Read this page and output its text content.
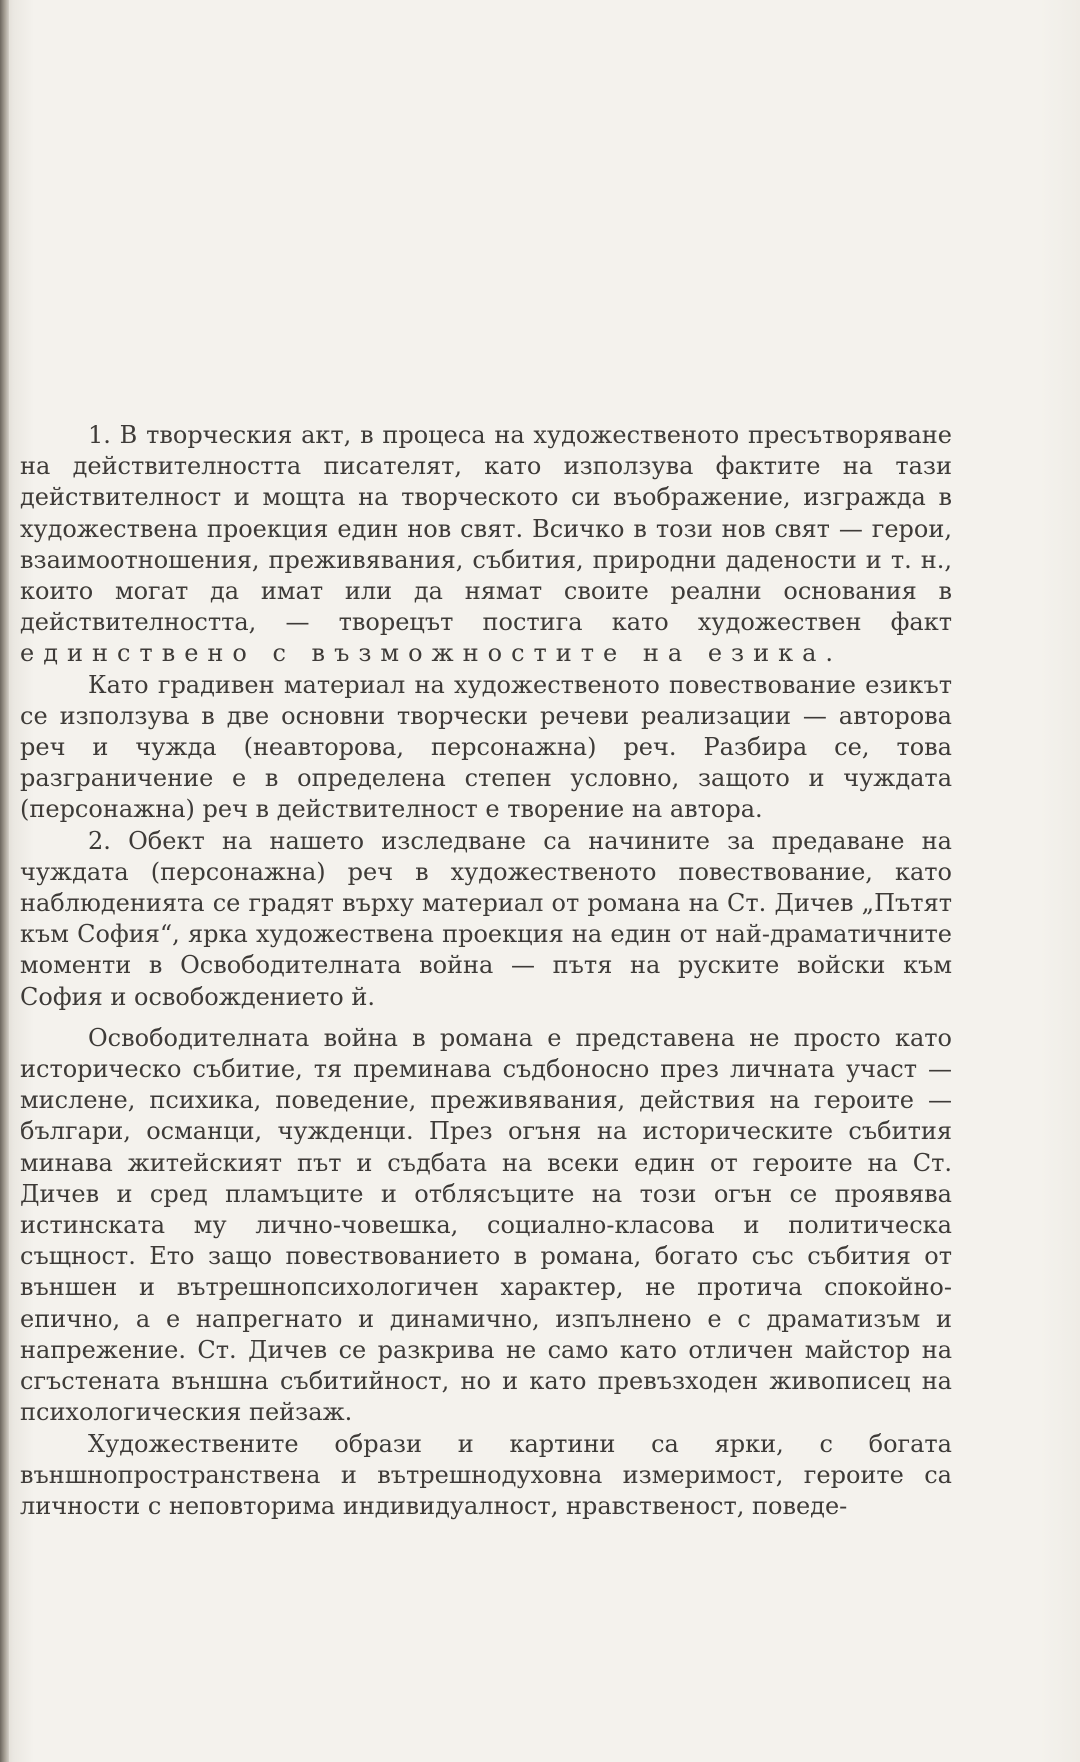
1. В творческия акт, в процеса на художественото пресътворяване на действителността писателят, като използува фактите на тази действителност и мощта на творческото си въображение, изгражда в художествена проекция един нов свят. Всичко в този нов свят — герои, взаимоотношения, преживявания, събития, природни дадености и т. н., които могат да имат или да нямат своите реални основания в действителността, — творецът постига като художествен факт единствено с възможностите на езика.

Като градивен материал на художественото повествование езикът се използува в две основни творчески речеви реализации — авторова реч и чужда (неавторова, персонажна) реч. Разбира се, това разграничение е в определена степен условно, защото и чуждата (персонажна) реч в действителност е творение на автора.

2. Обект на нашето изследване са начините за предаване на чуждата (персонажна) реч в художественото повествование, като наблюденията се градят върху материал от романа на Ст. Дичев „Пътят към София“, ярка художествена проекция на един от най-драматичните моменти в Освободителната война — пътя на руските войски към София и освобождението й.

Освободителната война в романа е представена не просто като историческо събитие, тя преминава съдбоносно през личната участ — мислене, психика, поведение, преживявания, действия на героите — българи, османци, чужденци. През огъня на историческите събития минава житейският път и съдбата на всеки един от героите на Ст. Дичев и сред пламъците и отблясъците на този огън се проявява истинската му лично-човешка, социално-класова и политическа същност. Ето защо повествованието в романа, богато със събития от външен и вътрешнопсихологичен характер, не протича спокойно-епично, а е напрегнато и динамично, изпълнено е с драматизъм и напрежение. Ст. Дичев се разкрива не само като отличен майстор на сгъстената външна събитийност, но и като превъзходен живописец на психологическия пейзаж.

Художествените образи и картини са ярки, с богата външнопространствена и вътрешнодуховна измеримост, героите са личности с неповторима индивидуалност, нравственост, поведе-
